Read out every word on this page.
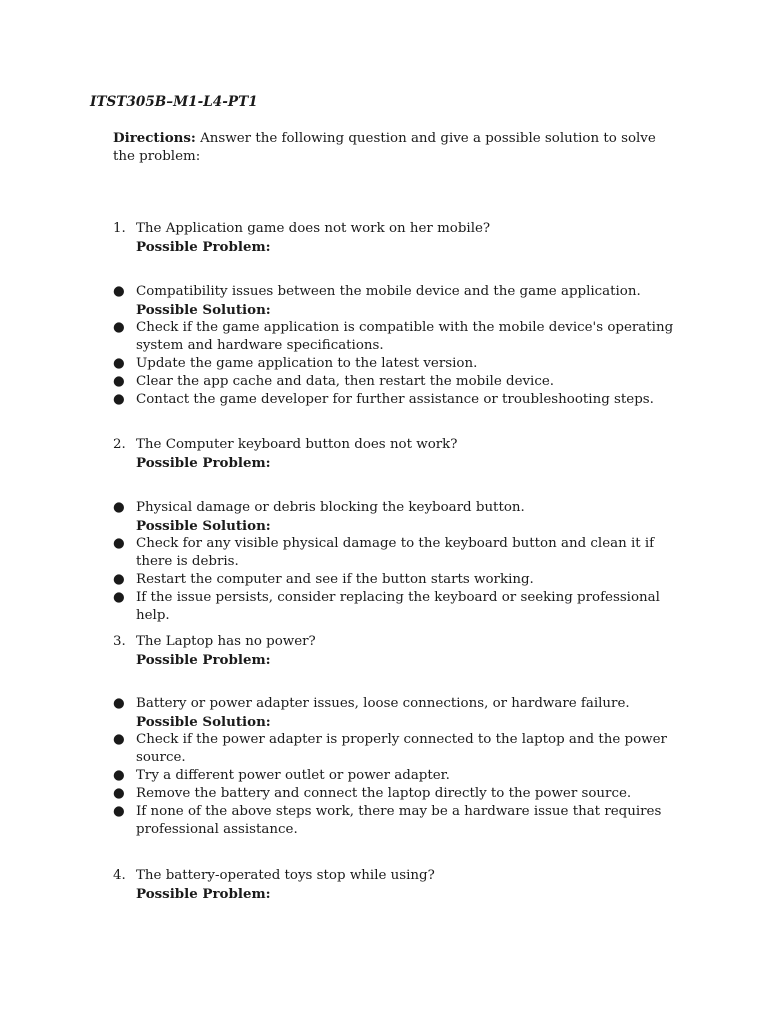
ITST305B–M1-L4-PT1
Directions: Answer the following question and give a possible solution to solve the problem:
1. The Application game does not work on her mobile?
Possible Problem:
● Compatibility issues between the mobile device and the game application.
Possible Solution:
● Check if the game application is compatible with the mobile device's operating system and hardware specifications.
● Update the game application to the latest version.
● Clear the app cache and data, then restart the mobile device.
● Contact the game developer for further assistance or troubleshooting steps.
2. The Computer keyboard button does not work?
Possible Problem:
● Physical damage or debris blocking the keyboard button.
Possible Solution:
● Check for any visible physical damage to the keyboard button and clean it if there is debris.
● Restart the computer and see if the button starts working.
● If the issue persists, consider replacing the keyboard or seeking professional help.
3. The Laptop has no power?
Possible Problem:
● Battery or power adapter issues, loose connections, or hardware failure.
Possible Solution:
● Check if the power adapter is properly connected to the laptop and the power source.
● Try a different power outlet or power adapter.
● Remove the battery and connect the laptop directly to the power source.
● If none of the above steps work, there may be a hardware issue that requires professional assistance.
4. The battery-operated toys stop while using?
Possible Problem:
